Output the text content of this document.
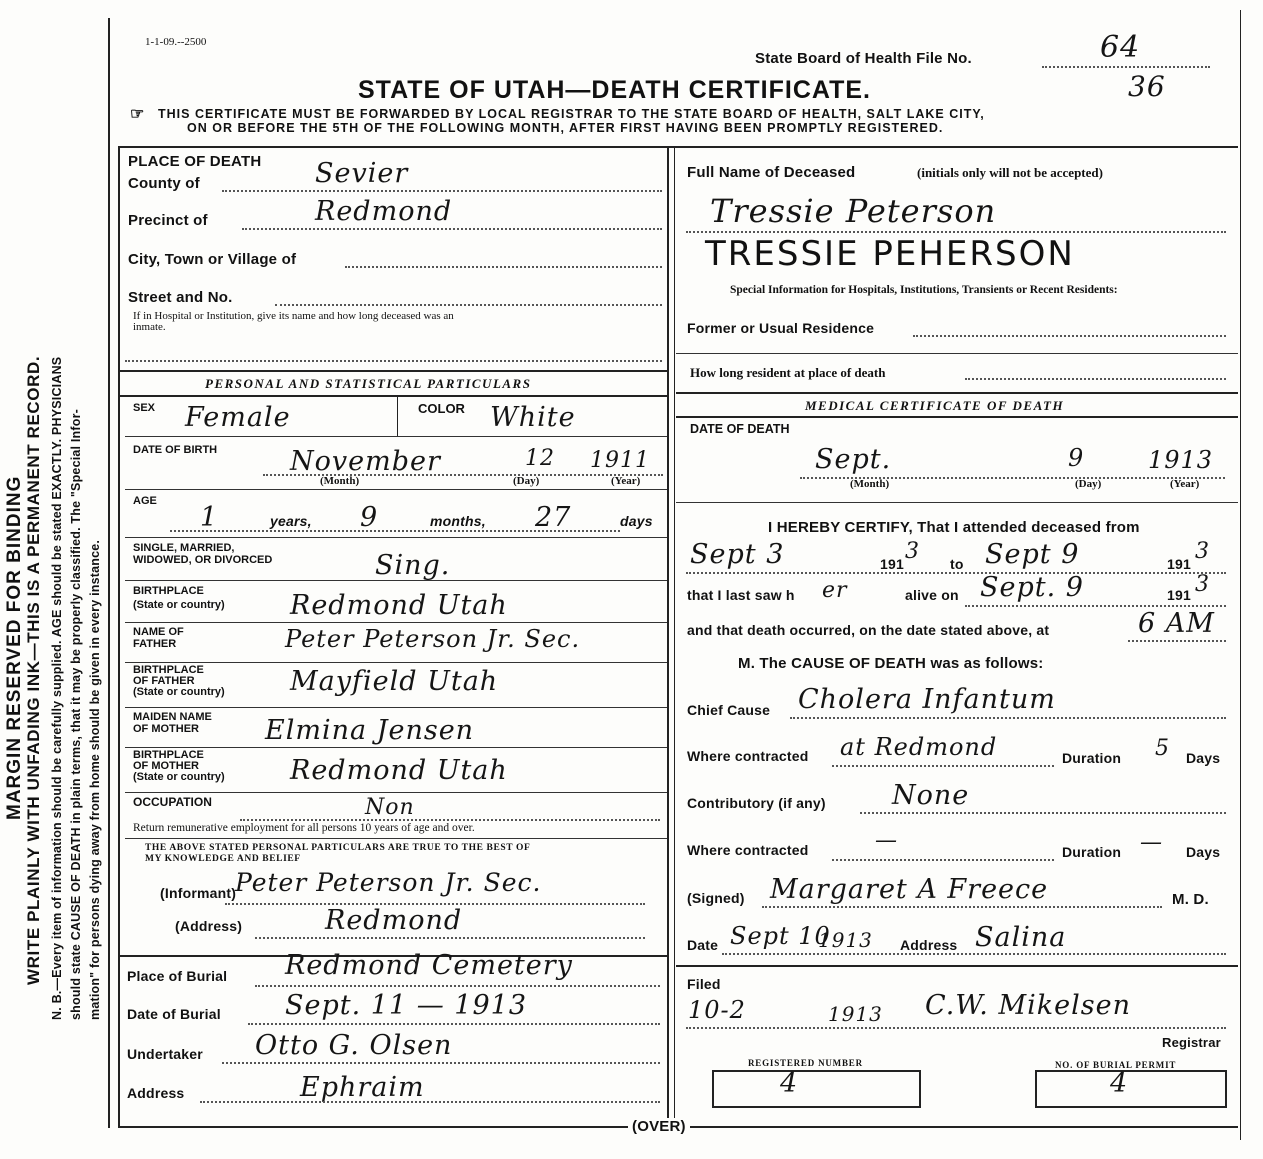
MARGIN RESERVED FOR BINDING WRITE PLAINLY WITH UNFADING INK—THIS IS A PERMANENT RECORD. N. B.—Every item of information should be carefully supplied. AGE should be stated EXACTLY. PHYSICIANS should state CAUSE OF DEATH in plain terms, that it may be properly classified. The "Special Infor- mation" for persons dying away from home should be given in every instance.
1-1-09.--2500
State Board of Health File No.	64
36
STATE OF UTAH—DEATH CERTIFICATE.
☞ THIS CERTIFICATE MUST BE FORWARDED BY LOCAL REGISTRAR TO THE STATE BOARD OF HEALTH, SALT LAKE CITY,
ON OR BEFORE THE 5TH OF THE FOLLOWING MONTH, AFTER FIRST HAVING BEEN PROMPTLY REGISTERED.
PLACE OF DEATH
County of	Sevier
Precinct of	Redmond
City, Town or Village of
Street and No.
If in Hospital or Institution, give its name and how long deceased was an
inmate.
Full Name of Deceased	(initials only will not be accepted)
Tressie Peterson
TRESSIE PEHERSON
Special Information for Hospitals, Institutions, Transients or Recent Residents:
Former or Usual Residence
How long resident at place of death
PERSONAL AND STATISTICAL PARTICULARS
SEX Female	COLOR White
DATE OF BIRTH	November	12 1911
(Month)	(Day)	(Year)
AGE
1	years, 9	months, 27	days
SINGLE, MARRIED,
WIDOWED, OR DIVORCED	Sing.
BIRTHPLACE
(State or country) Redmond Utah
NAME OF
FATHER	Peter Peterson Jr. Sec.
BIRTHPLACE
OF FATHER
(State or country) Mayfield Utah
MAIDEN NAME
OF MOTHER Elmina Jensen
BIRTHPLACE
OF MOTHER
(State or country) Redmond Utah
OCCUPATION	Non
Return remunerative employment for all persons 10 years of age and over.
THE ABOVE STATED PERSONAL PARTICULARS ARE TRUE TO THE BEST OF
MY KNOWLEDGE AND BELIEF
(Informant)
Peter Peterson Jr. Sec.
(Address)	Redmond
Place of Burial Redmond Cemetery
Date of Burial Sept. 11 — 1913
Undertaker Otto G. Olsen
Address	Ephraim
MEDICAL CERTIFICATE OF DEATH
DATE OF DEATH
Sept.	9	1913
(Month)	(Day)	(Year)
I HEREBY CERTIFY, That I attended deceased from
Sept 3	191 3 to Sept 9	191 3
that I last saw h er	alive on Sept. 9	191 3
and that death occurred, on the date stated above, at	6 AM
M. The CAUSE OF DEATH was as follows:
Chief Cause Cholera Infantum
Where contracted at Redmond	Duration 5 Days
Contributory (if any) None
Where contracted	—	Duration — Days
(Signed) Margaret A Freece	M. D.
Date Sept 10
1913 Address Salina
Filed
10-2	1913 C.W. Mikelsen
Registrar
REGISTERED NUMBER
4
NO. OF BURIAL PERMIT
4
(OVER)
